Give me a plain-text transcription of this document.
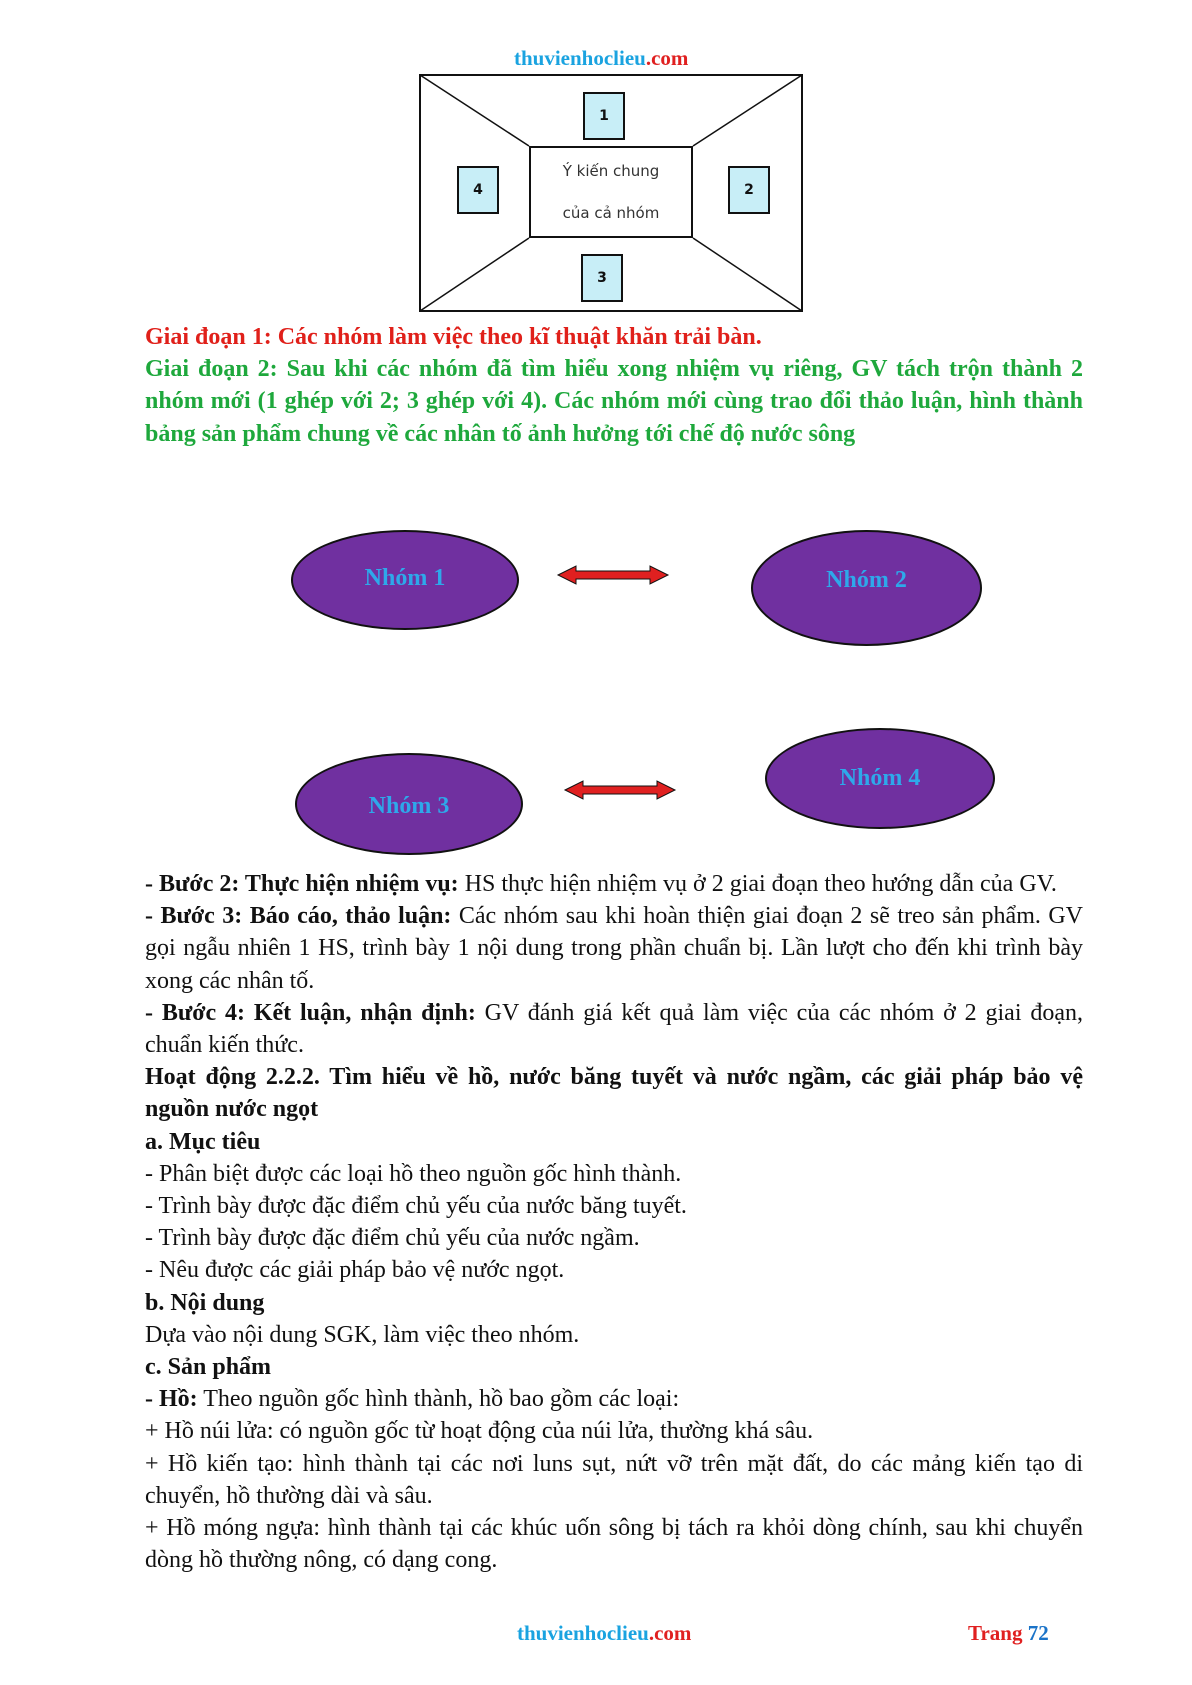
thuvienhoclieu.com
1
2
3
4
Ý kiến chung
của cả nhóm

Giai đoạn 1: Các nhóm làm việc theo kĩ thuật khăn trải bàn.

Giai đoạn 2: Sau khi các nhóm đã tìm hiểu xong nhiệm vụ riêng, GV tách trộn thành 2 nhóm mới (1 ghép với 2; 3 ghép với 4). Các nhóm mới cùng trao đổi thảo luận, hình thành bảng sản phẩm chung về các nhân tố ảnh hưởng tới chế độ nước sông

Nhóm 1	Nhóm 2
Nhóm 3
Nhóm 4

- Bước 2: Thực hiện nhiệm vụ: HS thực hiện nhiệm vụ ở 2 giai đoạn theo hướng dẫn của GV.

- Bước 3: Báo cáo, thảo luận: Các nhóm sau khi hoàn thiện giai đoạn 2 sẽ treo sản phẩm. GV gọi ngẫu nhiên 1 HS, trình bày 1 nội dung trong phần chuẩn bị. Lần lượt cho đến khi trình bày xong các nhân tố.

- Bước 4: Kết luận, nhận định: GV đánh giá kết quả làm việc của các nhóm ở 2 giai đoạn, chuẩn kiến thức.

Hoạt động 2.2.2. Tìm hiểu về hồ, nước băng tuyết và nước ngầm, các giải pháp bảo vệ nguồn nước ngọt

a. Mục tiêu

- Phân biệt được các loại hồ theo nguồn gốc hình thành.

- Trình bày được đặc điểm chủ yếu của nước băng tuyết.

- Trình bày được đặc điểm chủ yếu của nước ngầm.

- Nêu được các giải pháp bảo vệ nước ngọt.

b. Nội dung

Dựa vào nội dung SGK, làm việc theo nhóm.

c. Sản phẩm

- Hồ: Theo nguồn gốc hình thành, hồ bao gồm các loại:

+ Hồ núi lửa: có nguồn gốc từ hoạt động của núi lửa, thường khá sâu.

+ Hồ kiến tạo: hình thành tại các nơi luns sụt, nứt vỡ trên mặt đất, do các mảng kiến tạo di chuyển, hồ thường dài và sâu.

+ Hồ móng ngựa: hình thành tại các khúc uốn sông bị tách ra khỏi dòng chính, sau khi chuyển dòng hồ thường nông, có dạng cong.

thuvienhoclieu.com	Trang 72
